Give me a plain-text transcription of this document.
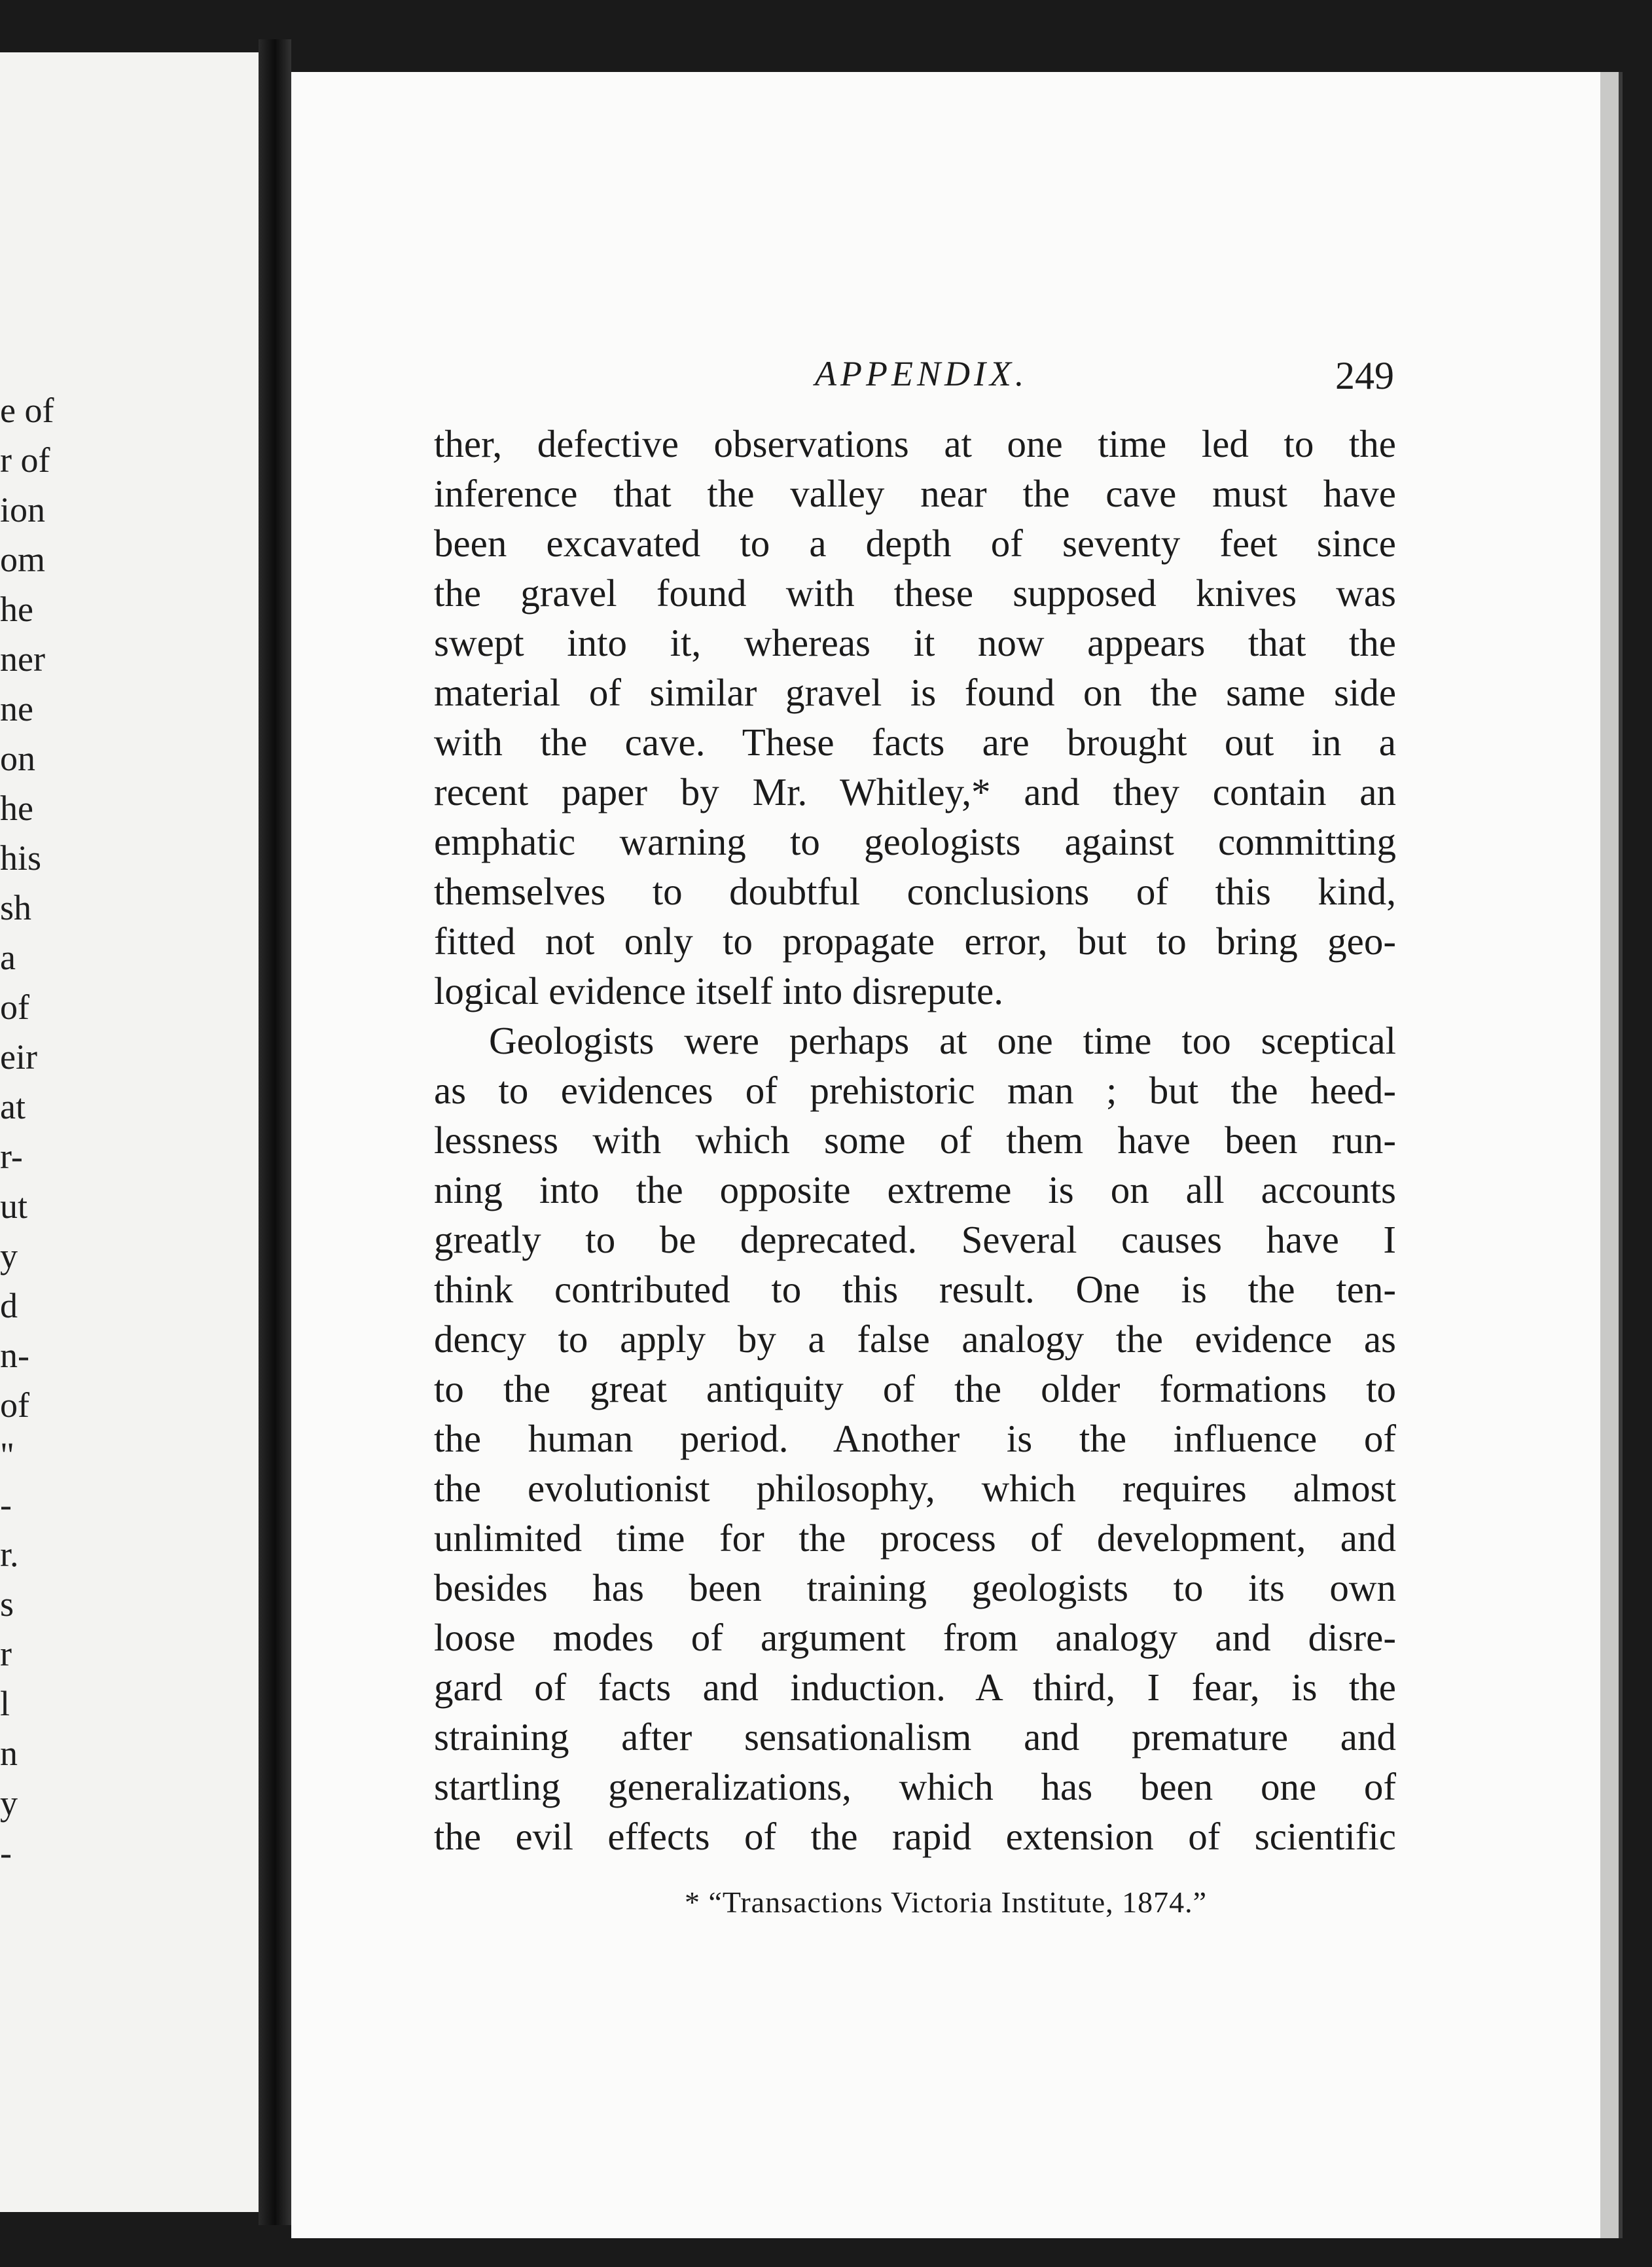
e of
r of
ion
om
he
ner
ne
on
he
his
sh
a
of
eir
at
r-
ut
y
d
n-
of
"
-
r.
s
r
l
n
y
-
APPENDIX.	249
ther, defective observations at one time led to the
inference that the valley near the cave must have
been excavated to a depth of seventy feet since
the gravel found with these supposed knives was
swept into it, whereas it now appears that the
material of similar gravel is found on the same side
with the cave. These facts are brought out in a
recent paper by Mr. Whitley,* and they contain an
emphatic warning to geologists against committing
themselves to doubtful conclusions of this kind,
fitted not only to propagate error, but to bring geo-
logical evidence itself into disrepute.
Geologists were perhaps at one time too sceptical
as to evidences of prehistoric man ; but the heed-
lessness with which some of them have been run-
ning into the opposite extreme is on all accounts
greatly to be deprecated. Several causes have I
think contributed to this result. One is the ten-
dency to apply by a false analogy the evidence as
to the great antiquity of the older formations to
the human period. Another is the influence of
the evolutionist philosophy, which requires almost
unlimited time for the process of development, and
besides has been training geologists to its own
loose modes of argument from analogy and disre-
gard of facts and induction. A third, I fear, is the
straining after sensationalism and premature and
startling generalizations, which has been one of
the evil effects of the rapid extension of scientific
* “Transactions Victoria Institute, 1874.”
